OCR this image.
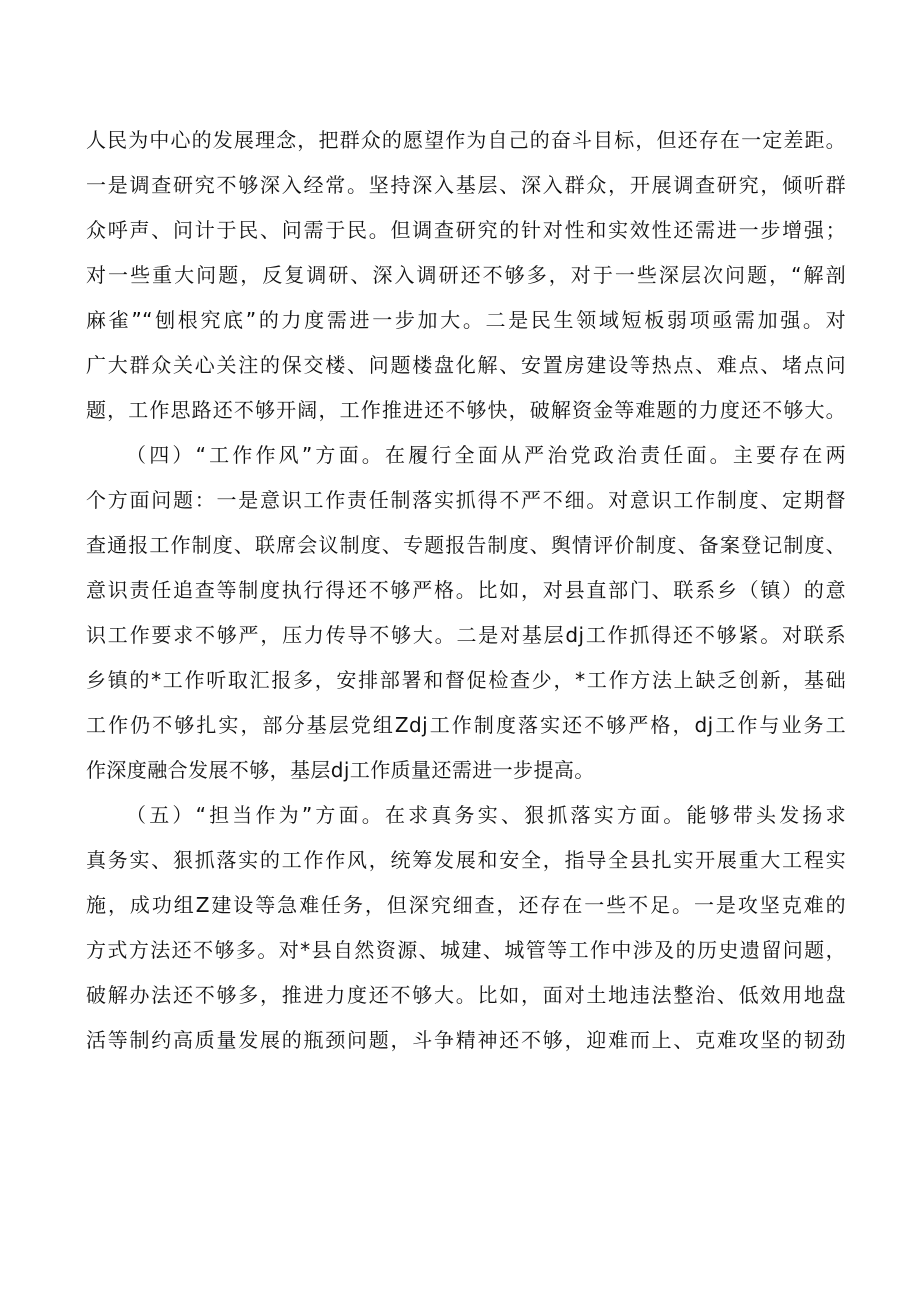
人民为中心的发展理念，把群众的愿望作为自己的奋斗目标，但还存在一定差距。
一是调查研究不够深入经常。坚持深入基层、深入群众，开展调查研究，倾听群
众呼声、问计于民、问需于民。但调查研究的针对性和实效性还需进一步增强；
对一些重大问题，反复调研、深入调研还不够多，对于一些深层次问题，“解剖
麻雀”“刨根究底”的力度需进一步加大。二是民生领域短板弱项亟需加强。对
广大群众关心关注的保交楼、问题楼盘化解、安置房建设等热点、难点、堵点问
题，工作思路还不够开阔，工作推进还不够快，破解资金等难题的力度还不够大。
（四）“工作作风”方面。在履行全面从严治党政治责任面。主要存在两
个方面问题：一是意识工作责任制落实抓得不严不细。对意识工作制度、定期督
查通报工作制度、联席会议制度、专题报告制度、舆情评价制度、备案登记制度、
意识责任追查等制度执行得还不够严格。比如，对县直部门、联系乡（镇）的意
识工作要求不够严，压力传导不够大。二是对基层dj工作抓得还不够紧。对联系
乡镇的*工作听取汇报多，安排部署和督促检查少，*工作方法上缺乏创新，基础
工作仍不够扎实，部分基层党组Zdj工作制度落实还不够严格，dj工作与业务工
作深度融合发展不够，基层dj工作质量还需进一步提高。
（五）“担当作为”方面。在求真务实、狠抓落实方面。能够带头发扬求
真务实、狠抓落实的工作作风，统筹发展和安全，指导全县扎实开展重大工程实
施，成功组Z建设等急难任务，但深究细查，还存在一些不足。一是攻坚克难的
方式方法还不够多。对*县自然资源、城建、城管等工作中涉及的历史遗留问题，
破解办法还不够多，推进力度还不够大。比如，面对土地违法整治、低效用地盘
活等制约高质量发展的瓶颈问题，斗争精神还不够，迎难而上、克难攻坚的韧劲
